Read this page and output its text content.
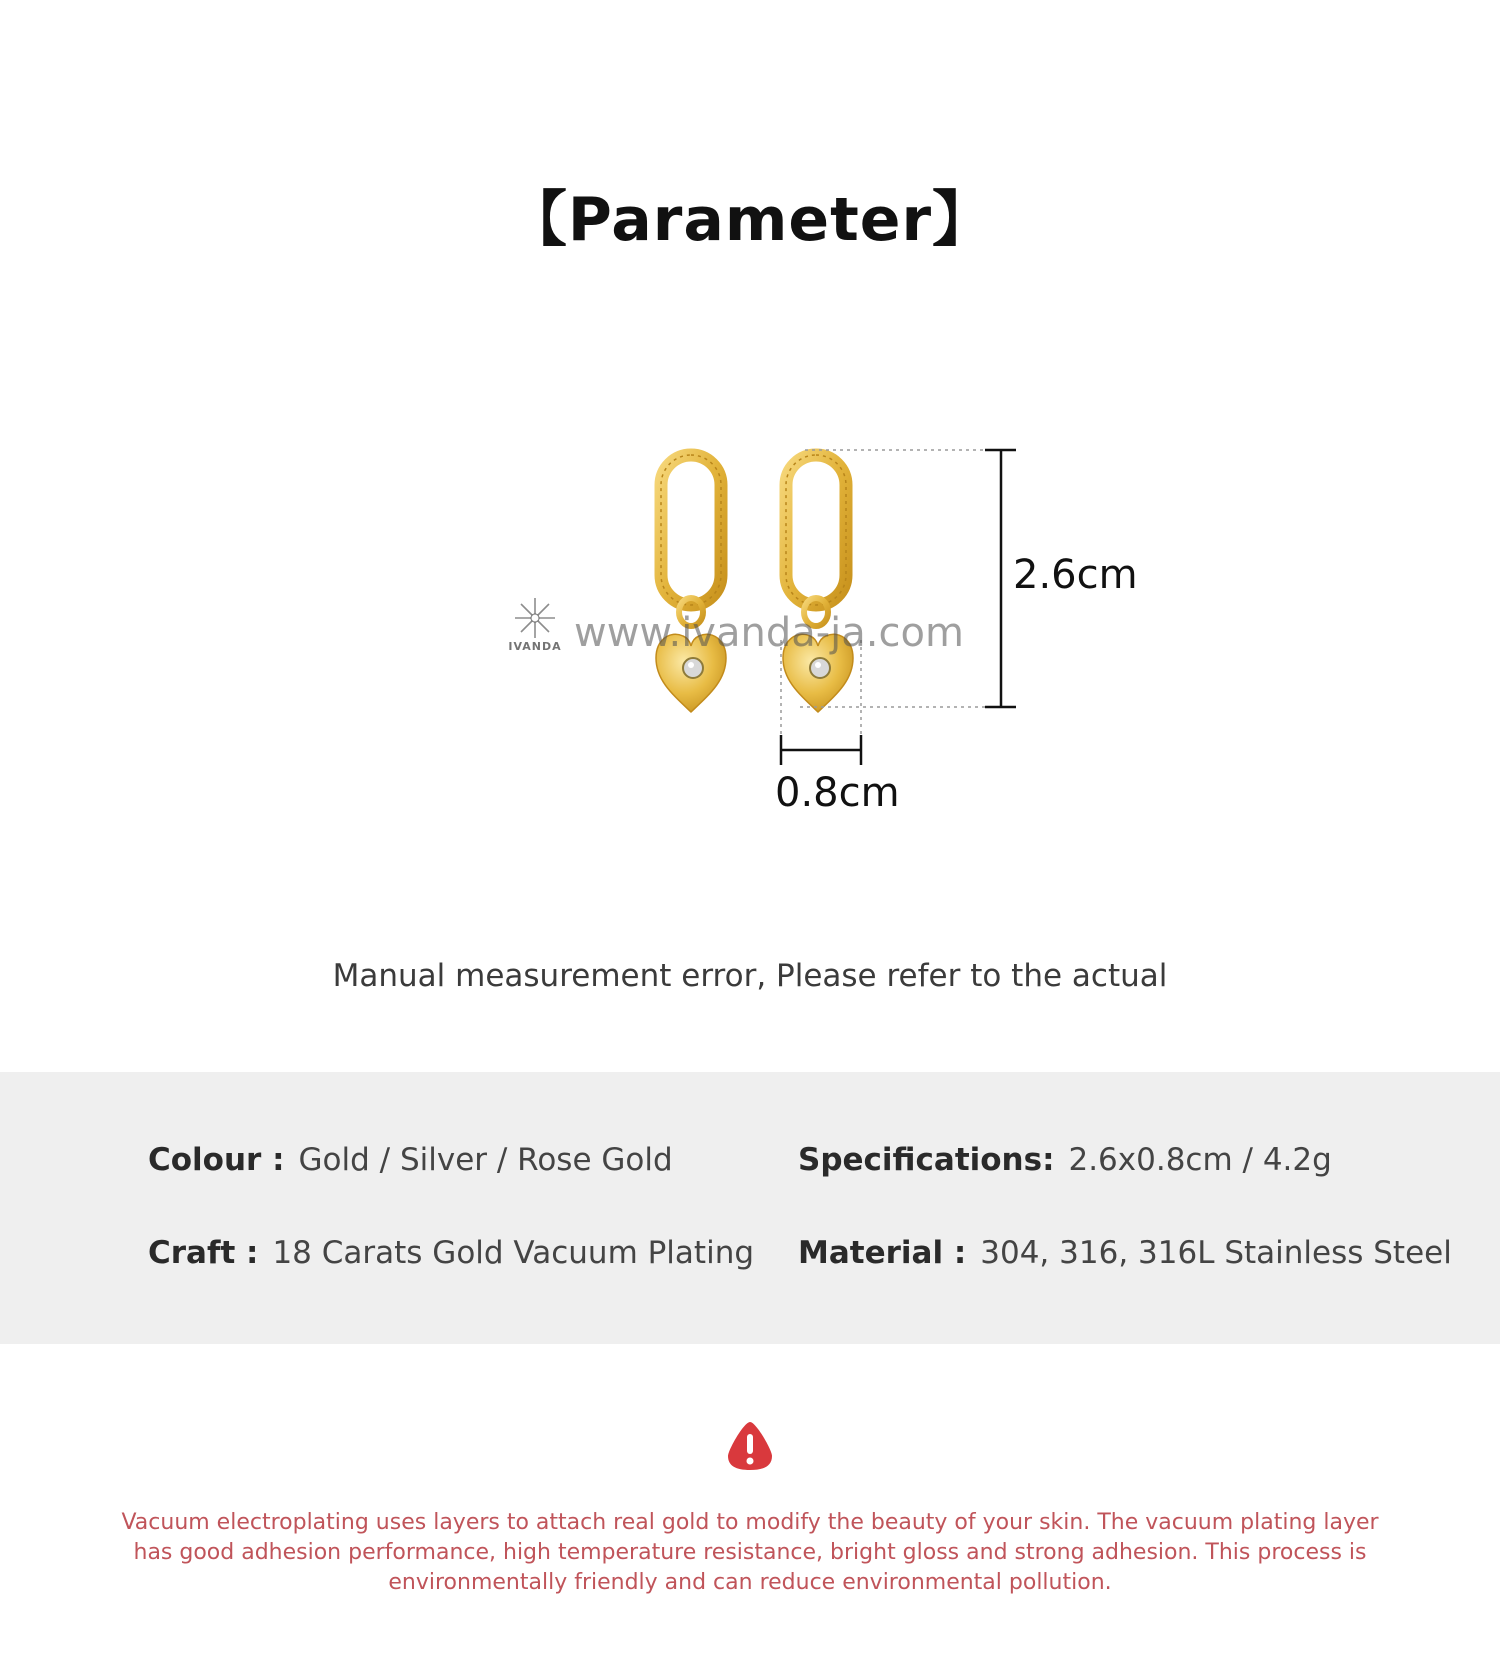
【Parameter】
2.6cm
0.8cm
IVANDA www.ivanda-ja.com
Manual measurement error, Please refer to the actual
Colour : Gold / Silver / Rose Gold	Specifications: 2.6x0.8cm / 4.2g
Craft : 18 Carats Gold Vacuum Plating Material : 304, 316, 316L Stainless Steel
Vacuum electroplating uses layers to attach real gold to modify the beauty of your skin. The vacuum plating layer has good adhesion performance, high temperature resistance, bright gloss and strong adhesion. This process is environmentally friendly and can reduce environmental pollution.
